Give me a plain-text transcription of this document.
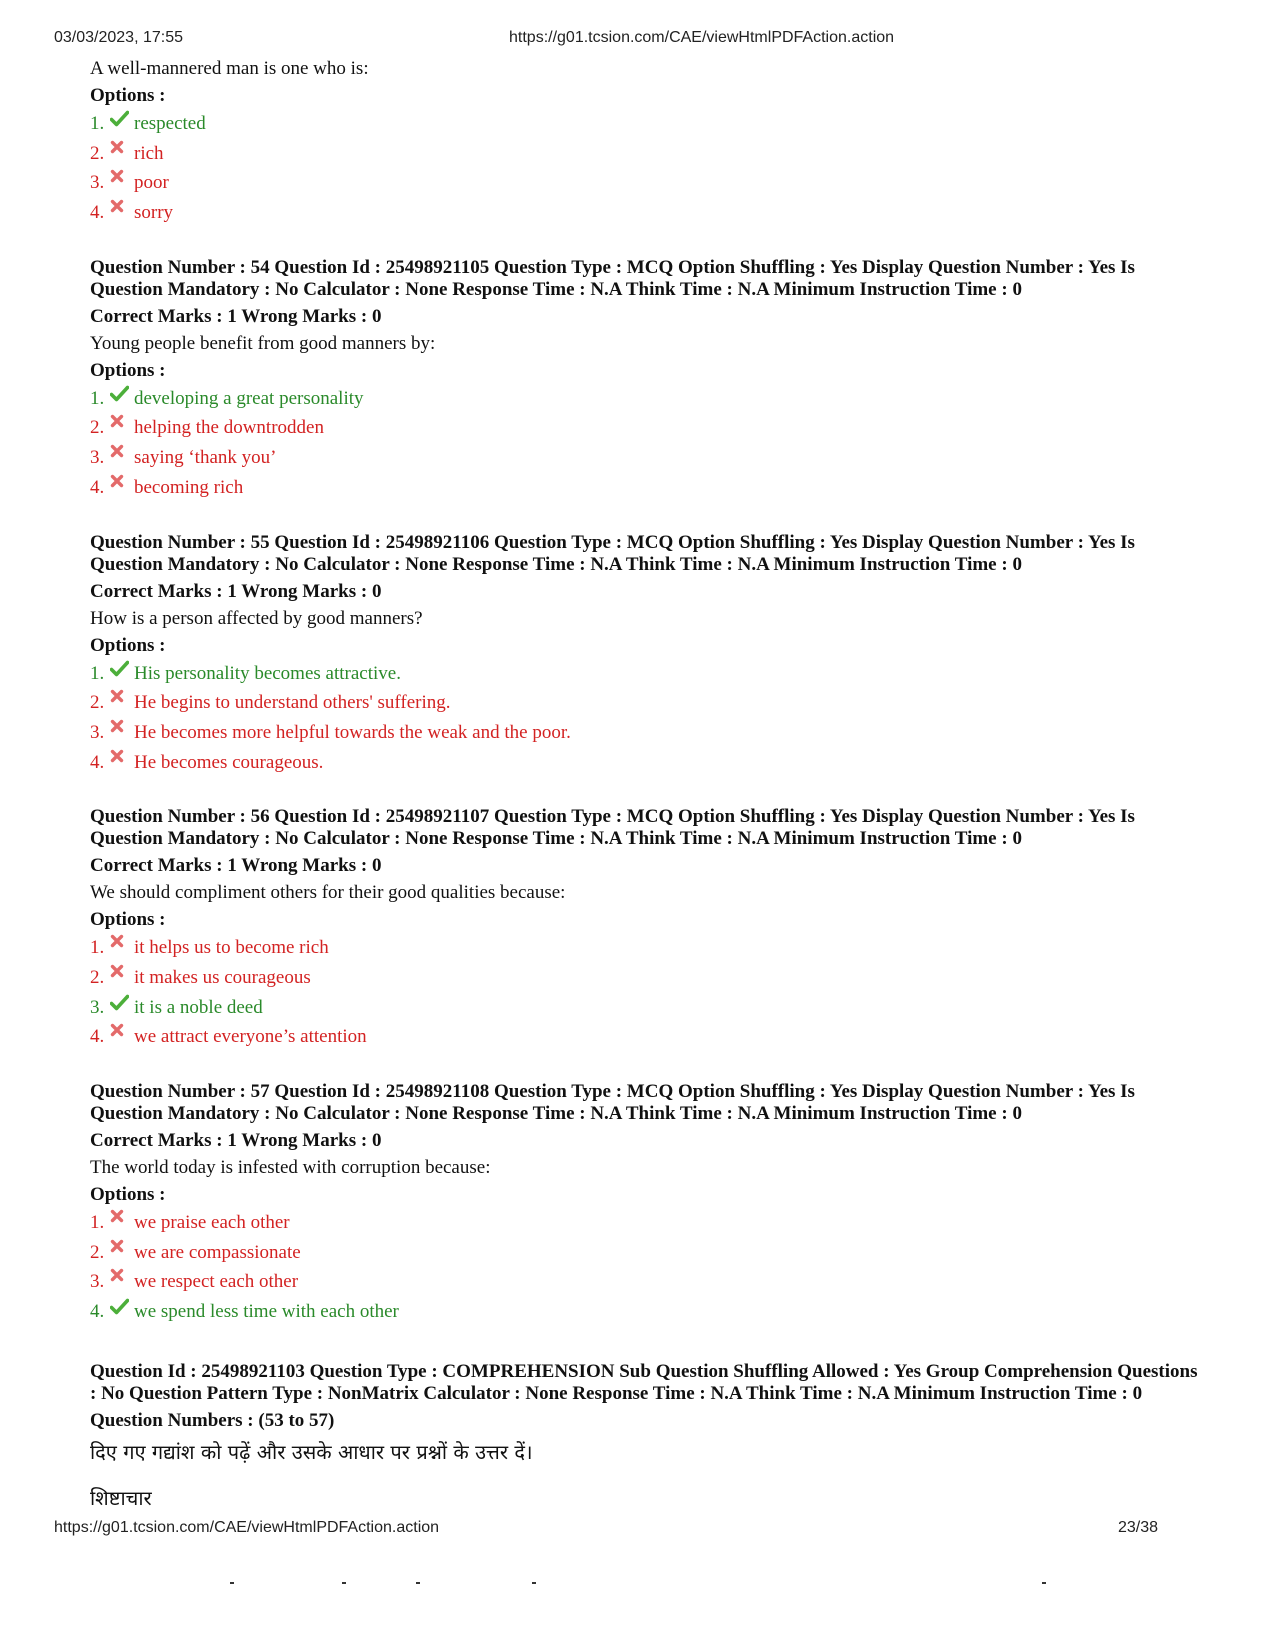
03/03/2023, 17:55	https://g01.tcsion.com/CAE/viewHtmlPDFAction.action
A well-mannered man is one who is:
Options :
1.	respected
2.	rich
3.	poor
4.	sorry
Question Number : 54 Question Id : 25498921105 Question Type : MCQ Option Shuffling : Yes Display Question Number : Yes Is Question Mandatory : No Calculator : None Response Time : N.A Think Time : N.A Minimum Instruction Time : 0
Correct Marks : 1 Wrong Marks : 0
Young people benefit from good manners by:
Options :
1.	developing a great personality
2.	helping the downtrodden
3.	saying ‘thank you’
4.	becoming rich
Question Number : 55 Question Id : 25498921106 Question Type : MCQ Option Shuffling : Yes Display Question Number : Yes Is Question Mandatory : No Calculator : None Response Time : N.A Think Time : N.A Minimum Instruction Time : 0
Correct Marks : 1 Wrong Marks : 0
How is a person affected by good manners?
Options :
1.	His personality becomes attractive.
2.	He begins to understand others' suffering.
3.	He becomes more helpful towards the weak and the poor.
4.	He becomes courageous.
Question Number : 56 Question Id : 25498921107 Question Type : MCQ Option Shuffling : Yes Display Question Number : Yes Is Question Mandatory : No Calculator : None Response Time : N.A Think Time : N.A Minimum Instruction Time : 0
Correct Marks : 1 Wrong Marks : 0
We should compliment others for their good qualities because:
Options :
1.	it helps us to become rich
2.	it makes us courageous
3.	it is a noble deed
4.	we attract everyone’s attention
Question Number : 57 Question Id : 25498921108 Question Type : MCQ Option Shuffling : Yes Display Question Number : Yes Is Question Mandatory : No Calculator : None Response Time : N.A Think Time : N.A Minimum Instruction Time : 0
Correct Marks : 1 Wrong Marks : 0
The world today is infested with corruption because:
Options :
1.	we praise each other
2.	we are compassionate
3.	we respect each other
4.	we spend less time with each other
Question Id : 25498921103 Question Type : COMPREHENSION Sub Question Shuffling Allowed : Yes Group Comprehension Questions : No Question Pattern Type : NonMatrix Calculator : None Response Time : N.A Think Time : N.A Minimum Instruction Time : 0
Question Numbers : (53 to 57)
दिए गए गद्यांश को पढ़ें और उसके आधार पर प्रश्नों के उत्तर दें।
शिष्टाचार
https://g01.tcsion.com/CAE/viewHtmlPDFAction.action	23/38
